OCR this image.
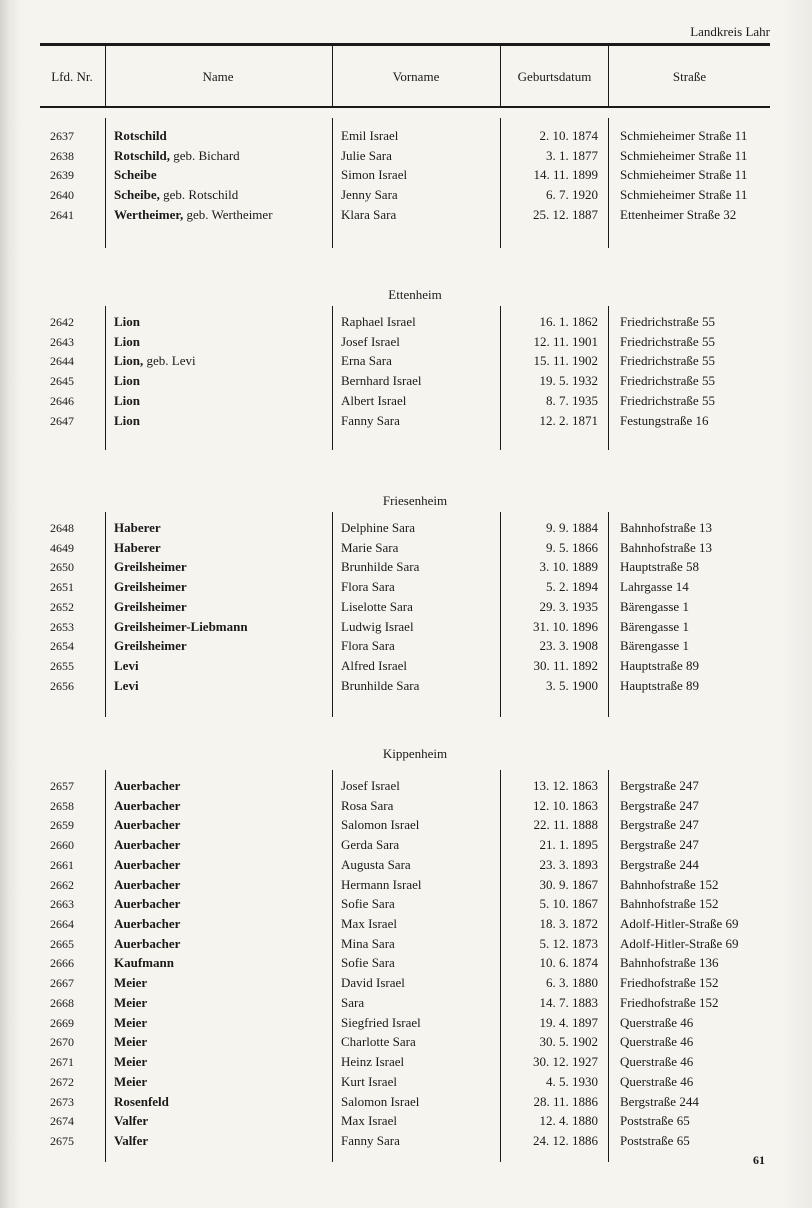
Landkreis Lahr
Lfd. Nr.	Name	Vorname	Geburtsdatum	Straße
2637	Rotschild	Emil Israel	2. 10. 1874 Schmieheimer Straße 11
2638	Rotschild, geb. Bichard	Julie Sara	3. 1. 1877 Schmieheimer Straße 11
2639	Scheibe	Simon Israel	14. 11. 1899 Schmieheimer Straße 11
2640	Scheibe, geb. Rotschild	Jenny Sara	6. 7. 1920 Schmieheimer Straße 11
2641	Wertheimer, geb. Wertheimer	Klara Sara	25. 12. 1887 Ettenheimer Straße 32
Ettenheim
2642	Lion	Raphael Israel	16. 1. 1862 Friedrichstraße 55
2643	Lion	Josef Israel	12. 11. 1901 Friedrichstraße 55
2644	Lion, geb. Levi	Erna Sara	15. 11. 1902 Friedrichstraße 55
2645	Lion	Bernhard Israel	19. 5. 1932 Friedrichstraße 55
2646	Lion	Albert Israel	8. 7. 1935 Friedrichstraße 55
2647	Lion	Fanny Sara	12. 2. 1871 Festungstraße 16
Friesenheim
2648	Haberer	Delphine Sara	9. 9. 1884 Bahnhofstraße 13
4649	Haberer	Marie Sara	9. 5. 1866 Bahnhofstraße 13
2650	Greilsheimer	Brunhilde Sara	3. 10. 1889 Hauptstraße 58
2651	Greilsheimer	Flora Sara	5. 2. 1894 Lahrgasse 14
2652	Greilsheimer	Liselotte Sara	29. 3. 1935 Bärengasse 1
2653	Greilsheimer-Liebmann	Ludwig Israel	31. 10. 1896 Bärengasse 1
2654	Greilsheimer	Flora Sara	23. 3. 1908 Bärengasse 1
2655	Levi	Alfred Israel	30. 11. 1892 Hauptstraße 89
2656	Levi	Brunhilde Sara	3. 5. 1900 Hauptstraße 89
Kippenheim
2657	Auerbacher	Josef Israel	13. 12. 1863 Bergstraße 247
2658	Auerbacher	Rosa Sara	12. 10. 1863 Bergstraße 247
2659	Auerbacher	Salomon Israel	22. 11. 1888 Bergstraße 247
2660	Auerbacher	Gerda Sara	21. 1. 1895 Bergstraße 247
2661	Auerbacher	Augusta Sara	23. 3. 1893 Bergstraße 244
2662	Auerbacher	Hermann Israel	30. 9. 1867 Bahnhofstraße 152
2663	Auerbacher	Sofie Sara	5. 10. 1867 Bahnhofstraße 152
2664	Auerbacher	Max Israel	18. 3. 1872 Adolf-Hitler-Straße 69
2665	Auerbacher	Mina Sara	5. 12. 1873 Adolf-Hitler-Straße 69
2666	Kaufmann	Sofie Sara	10. 6. 1874 Bahnhofstraße 136
2667	Meier	David Israel	6. 3. 1880 Friedhofstraße 152
2668	Meier	Sara	14. 7. 1883 Friedhofstraße 152
2669	Meier	Siegfried Israel	19. 4. 1897 Querstraße 46
2670	Meier	Charlotte Sara	30. 5. 1902 Querstraße 46
2671	Meier	Heinz Israel	30. 12. 1927 Querstraße 46
2672	Meier	Kurt Israel	4. 5. 1930 Querstraße 46
2673	Rosenfeld	Salomon Israel	28. 11. 1886 Bergstraße 244
2674	Valfer	Max Israel	12. 4. 1880 Poststraße 65
2675	Valfer	Fanny Sara	24. 12. 1886 Poststraße 65
61
